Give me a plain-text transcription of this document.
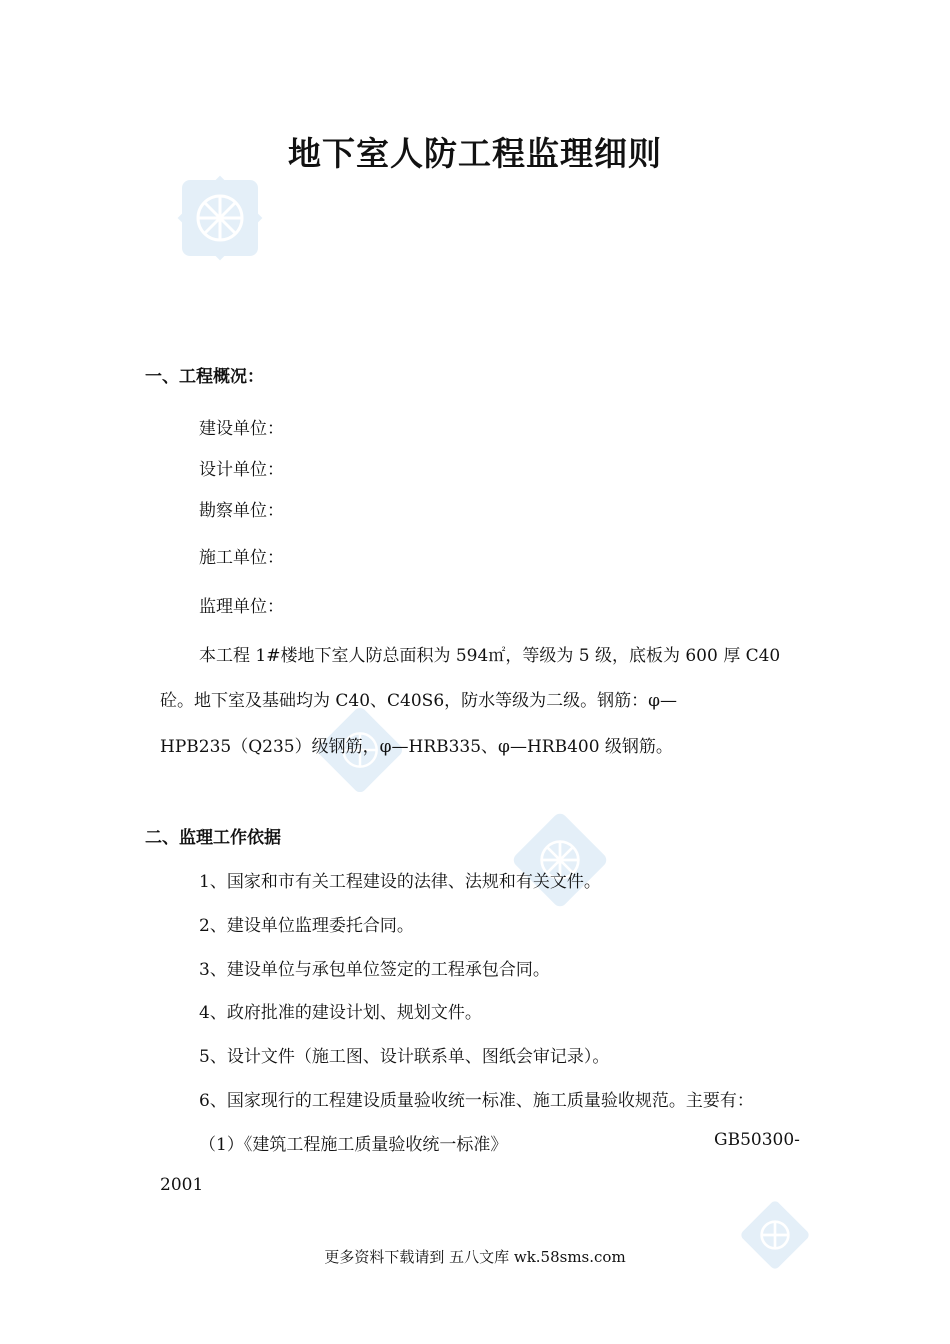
地下室人防工程监理细则
一、工程概况：
建设单位：
设计单位：
勘察单位：
施工单位：
监理单位：
本工程 1#楼地下室人防总面积为 594㎡，等级为 5 级，底板为 600 厚 C40
砼。地下室及基础均为 C40、C40S6，防水等级为二级。钢筋：φ—
HPB235（Q235）级钢筋，φ—HRB335、φ—HRB400 级钢筋。
二、监理工作依据
1、国家和市有关工程建设的法律、法规和有关文件。
2、建设单位监理委托合同。
3、建设单位与承包单位签定的工程承包合同。
4、政府批准的建设计划、规划文件。
5、设计文件（施工图、设计联系单、图纸会审记录）。
6、国家现行的工程建设质量验收统一标准、施工质量验收规范。主要有：
（1）《建筑工程施工质量验收统一标准》	GB50300-
2001
更多资料下载请到 五八文库 wk.58sms.com
